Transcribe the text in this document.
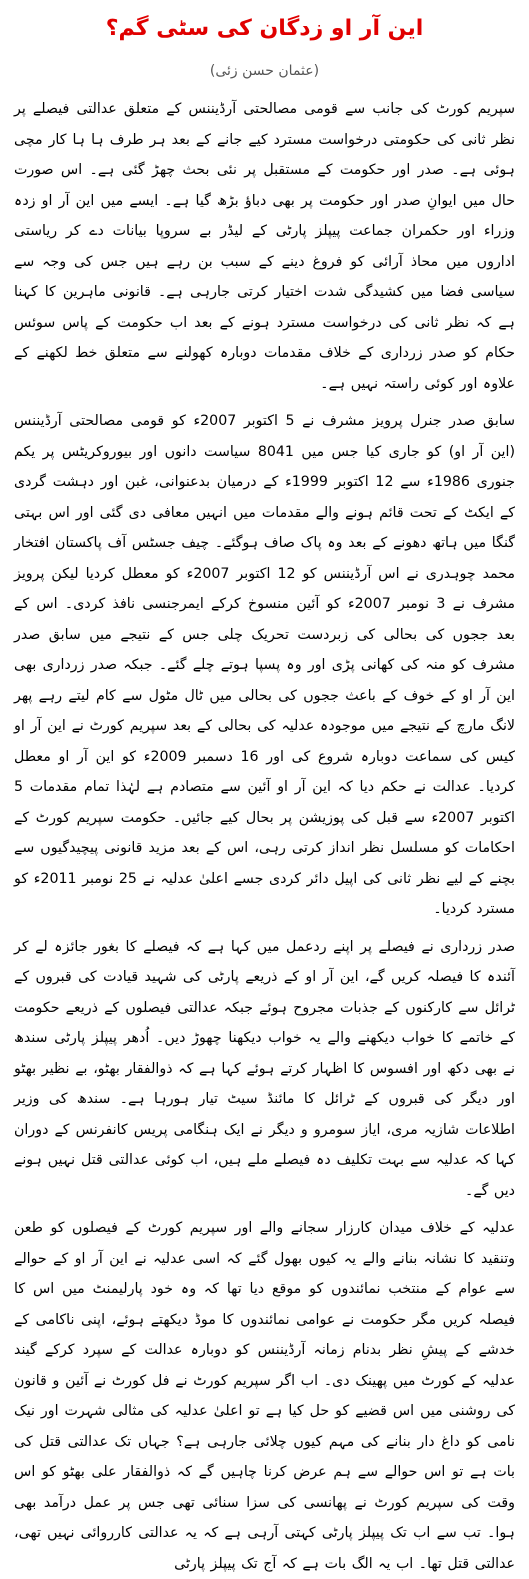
این آر او زدگان کی سٹی گم؟
(عثمان حسن زئی)

سپریم کورٹ کی جانب سے قومی مصالحتی آرڈیننس کے متعلق عدالتی فیصلے پر نظر ثانی کی حکومتی درخواست مسترد کیے جانے کے بعد ہر طرف ہا ہا کار مچی ہوئی ہے۔ صدر اور حکومت کے مستقبل پر نئی بحث چھڑ گئی ہے۔ اس صورت حال میں ایوانِ صدر اور حکومت پر بھی دباؤ بڑھ گیا ہے۔ ایسے میں این آر او زدہ وزراء اور حکمران جماعت پیپلز پارٹی کے لیڈر بے سروپا بیانات دے کر ریاستی اداروں میں محاذ آرائی کو فروغ دینے کے سبب بن رہے ہیں جس کی وجہ سے سیاسی فضا میں کشیدگی شدت اختیار کرتی جارہی ہے۔ قانونی ماہرین کا کہنا ہے کہ نظر ثانی کی درخواست مسترد ہونے کے بعد اب حکومت کے پاس سوئس حکام کو صدر زرداری کے خلاف مقدمات دوبارہ کھولنے سے متعلق خط لکھنے کے علاوہ اور کوئی راستہ نہیں ہے۔

سابق صدر جنرل پرویز مشرف نے 5 اکتوبر 2007ء کو قومی مصالحتی آرڈیننس (این آر او) کو جاری کیا جس میں 8041 سیاست دانوں اور بیوروکریٹس پر یکم جنوری 1986ء سے 12 اکتوبر 1999ء کے درمیان بدعنوانی، غبن اور دہشت گردی کے ایکٹ کے تحت قائم ہونے والے مقدمات میں انہیں معافی دی گئی اور اس بہتی گنگا میں ہاتھ دھونے کے بعد وہ پاک صاف ہوگئے۔ چیف جسٹس آف پاکستان افتخار محمد چوہدری نے اس آرڈیننس کو 12 اکتوبر 2007ء کو معطل کردیا لیکن پرویز مشرف نے 3 نومبر 2007ء کو آئین منسوخ کرکے ایمرجنسی نافذ کردی۔ اس کے بعد ججوں کی بحالی کی زبردست تحریک چلی جس کے نتیجے میں سابق صدر مشرف کو منہ کی کھانی پڑی اور وہ پسپا ہوتے چلے گئے۔ جبکہ صدر زرداری بھی این آر او کے خوف کے باعث ججوں کی بحالی میں ٹال مٹول سے کام لیتے رہے پھر لانگ مارچ کے نتیجے میں موجودہ عدلیہ کی بحالی کے بعد سپریم کورٹ نے این آر او کیس کی سماعت دوبارہ شروع کی اور 16 دسمبر 2009ء کو این آر او معطل کردیا۔ عدالت نے حکم دیا کہ این آر او آئین سے متصادم ہے لہٰذا تمام مقدمات 5 اکتوبر 2007ء سے قبل کی پوزیشن پر بحال کیے جائیں۔ حکومت سپریم کورٹ کے احکامات کو مسلسل نظر انداز کرتی رہی، اس کے بعد مزید قانونی پیچیدگیوں سے بچنے کے لیے نظر ثانی کی اپیل دائر کردی جسے اعلیٰ عدلیہ نے 25 نومبر 2011ء کو مسترد کردیا۔

صدر زرداری نے فیصلے پر اپنے ردعمل میں کہا ہے کہ فیصلے کا بغور جائزہ لے کر آئندہ کا فیصلہ کریں گے، این آر او کے ذریعے پارٹی کی شہید قیادت کی قبروں کے ٹرائل سے کارکنوں کے جذبات مجروح ہوئے جبکہ عدالتی فیصلوں کے ذریعے حکومت کے خاتمے کا خواب دیکھنے والے یہ خواب دیکھنا چھوڑ دیں۔ اُدھر پیپلز پارٹی سندھ نے بھی دکھ اور افسوس کا اظہار کرتے ہوئے کہا ہے کہ ذوالفقار بھٹو، بے نظیر بھٹو اور دیگر کی قبروں کے ٹرائل کا مائنڈ سیٹ تیار ہورہا ہے۔ سندھ کی وزیر اطلاعات شازیہ مری، ایاز سومرو و دیگر نے ایک ہنگامی پریس کانفرنس کے دوران کہا کہ عدلیہ سے بہت تکلیف دہ فیصلے ملے ہیں، اب کوئی عدالتی قتل نہیں ہونے دیں گے۔

عدلیہ کے خلاف میدان کارزار سجانے والے اور سپریم کورٹ کے فیصلوں کو طعن وتنقید کا نشانہ بنانے والے یہ کیوں بھول گئے کہ اسی عدلیہ نے این آر او کے حوالے سے عوام کے منتخب نمائندوں کو موقع دیا تھا کہ وہ خود پارلیمنٹ میں اس کا فیصلہ کریں مگر حکومت نے عوامی نمائندوں کا موڈ دیکھتے ہوئے، اپنی ناکامی کے خدشے کے پیشِ نظر بدنام زمانہ آرڈیننس کو دوبارہ عدالت کے سپرد کرکے گیند عدلیہ کے کورٹ میں پھینک دی۔ اب اگر سپریم کورٹ نے فل کورٹ نے آئین و قانون کی روشنی میں اس قضیے کو حل کیا ہے تو اعلیٰ عدلیہ کی مثالی شہرت اور نیک نامی کو داغ دار بنانے کی مہم کیوں چلائی جارہی ہے؟ جہاں تک عدالتی قتل کی بات ہے تو اس حوالے سے ہم عرض کرنا چاہیں گے کہ ذوالفقار علی بھٹو کو اس وقت کی سپریم کورٹ نے پھانسی کی سزا سنائی تھی جس پر عمل درآمد بھی ہوا۔ تب سے اب تک پیپلز پارٹی کہتی آرہی ہے کہ یہ عدالتی کارروائی نہیں تھی، عدالتی قتل تھا۔ اب یہ الگ بات ہے کہ آج تک پیپلز پارٹی
